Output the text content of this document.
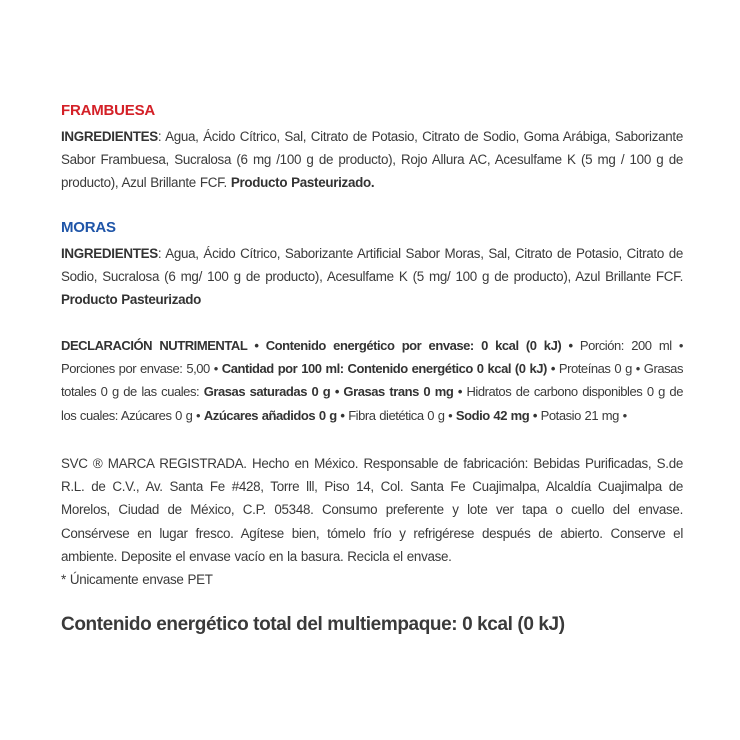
FRAMBUESA

INGREDIENTES: Agua, Ácido Cítrico, Sal, Citrato de Potasio, Citrato de Sodio, Goma Arábiga, Saborizante Sabor Frambuesa, Sucralosa (6 mg /100 g de producto), Rojo Allura AC, Acesulfame K (5 mg / 100 g de producto), Azul Brillante FCF. Producto Pasteurizado.

MORAS

INGREDIENTES: Agua, Ácido Cítrico, Saborizante Artificial Sabor Moras, Sal, Citrato de Potasio, Citrato de Sodio, Sucralosa (6 mg/ 100 g de producto), Acesulfame K (5 mg/ 100 g de producto), Azul Brillante FCF. Producto Pasteurizado

DECLARACIÓN NUTRIMENTAL • Contenido energético por envase: 0 kcal (0 kJ) • Porción: 200 ml • Porciones por envase: 5,00 • Cantidad por 100 ml: Contenido energético 0 kcal (0 kJ) • Proteínas 0 g • Grasas totales 0 g de las cuales: Grasas saturadas 0 g • Grasas trans 0 mg • Hidratos de carbono disponibles 0 g de los cuales: Azúcares 0 g • Azúcares añadidos 0 g • Fibra dietética 0 g • Sodio 42 mg • Potasio 21 mg •

SVC ® MARCA REGISTRADA. Hecho en México. Responsable de fabricación: Bebidas Purificadas, S.de R.L. de C.V., Av. Santa Fe #428, Torre lll, Piso 14, Col. Santa Fe Cuajimalpa, Alcaldía Cuajimalpa de Morelos, Ciudad de México, C.P. 05348. Consumo preferente y lote ver tapa o cuello del envase. Consérvese en lugar fresco. Agítese bien, tómelo frío y refrigérese después de abierto. Conserve el ambiente. Deposite el envase vacío en la basura. Recicla el envase.

* Únicamente envase PET

Contenido energético total del multiempaque: 0 kcal (0 kJ)
